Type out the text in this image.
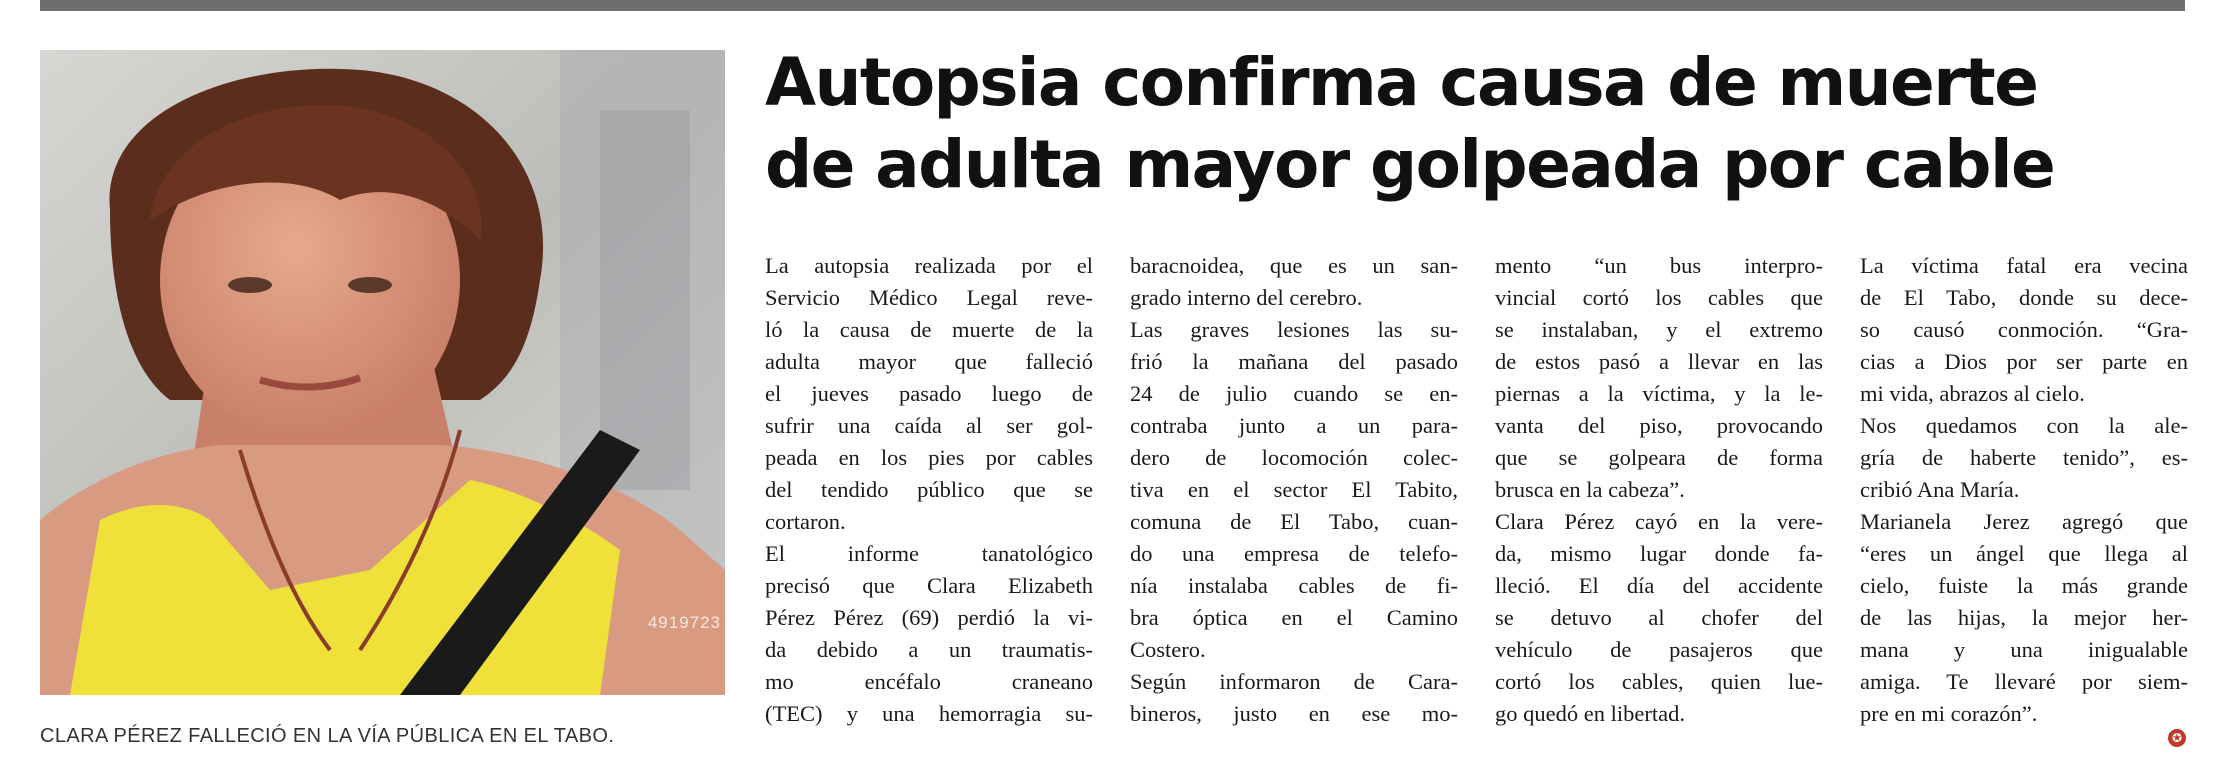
4919723
CLARA PÉREZ FALLECIÓ EN LA VÍA PÚBLICA EN EL TABO.
Autopsia confirma causa de muerte
de adulta mayor golpeada por cable
La autopsia realizada por el
Servicio Médico Legal reve-
ló la causa de muerte de la
adulta mayor que falleció
el jueves pasado luego de
sufrir una caída al ser gol-
peada en los pies por cables
del tendido público que se
cortaron.
El informe tanatológico
precisó que Clara Elizabeth
Pérez Pérez (69) perdió la vi-
da debido a un traumatis-
mo encéfalo craneano
(TEC) y una hemorragia su-
baracnoidea, que es un san-
grado interno del cerebro.
Las graves lesiones las su-
frió la mañana del pasado
24 de julio cuando se en-
contraba junto a un para-
dero de locomoción colec-
tiva en el sector El Tabito,
comuna de El Tabo, cuan-
do una empresa de telefo-
nía instalaba cables de fi-
bra óptica en el Camino
Costero.
Según informaron de Cara-
bineros, justo en ese mo-
mento “un bus interpro-
vincial cortó los cables que
se instalaban, y el extremo
de estos pasó a llevar en las
piernas a la víctima, y la le-
vanta del piso, provocando
que se golpeara de forma
brusca en la cabeza”.
Clara Pérez cayó en la vere-
da, mismo lugar donde fa-
lleció. El día del accidente
se detuvo al chofer del
vehículo de pasajeros que
cortó los cables, quien lue-
go quedó en libertad.
La víctima fatal era vecina
de El Tabo, donde su dece-
so causó conmoción. “Gra-
cias a Dios por ser parte en
mi vida, abrazos al cielo.
Nos quedamos con la ale-
gría de haberte tenido”, es-
cribió Ana María.
Marianela Jerez agregó que
“eres un ángel que llega al
cielo, fuiste la más grande
de las hijas, la mejor her-
mana y una inigualable
amiga. Te llevaré por siem-
pre en mi corazón”.
✪
